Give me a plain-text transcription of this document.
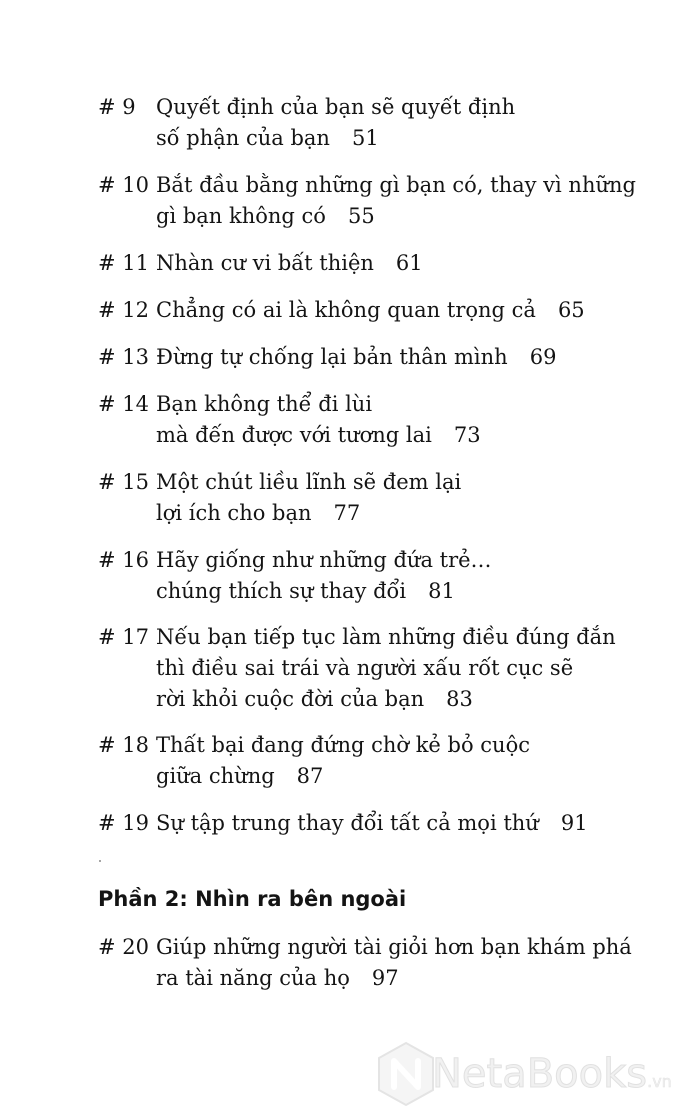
# 9 Quyết định của bạn sẽ quyết định
số phận của bạn 51
# 10 Bắt đầu bằng những gì bạn có, thay vì những
gì bạn không có 55
# 11 Nhàn cư vi bất thiện 61
# 12 Chẳng có ai là không quan trọng cả 65
# 13 Đừng tự chống lại bản thân mình 69
# 14 Bạn không thể đi lùi
mà đến được với tương lai 73
# 15 Một chút liều lĩnh sẽ đem lại
lợi ích cho bạn 77
# 16 Hãy giống như những đứa trẻ…
chúng thích sự thay đổi 81
# 17 Nếu bạn tiếp tục làm những điều đúng đắn
thì điều sai trái và người xấu rốt cục sẽ
rời khỏi cuộc đời của bạn 83
# 18 Thất bại đang đứng chờ kẻ bỏ cuộc
giữa chừng 87
# 19 Sự tập trung thay đổi tất cả mọi thứ 91
Phần 2: Nhìn ra bên ngoài
# 20 Giúp những người tài giỏi hơn bạn khám phá
ra tài năng của họ 97
NetaBooks.vn
